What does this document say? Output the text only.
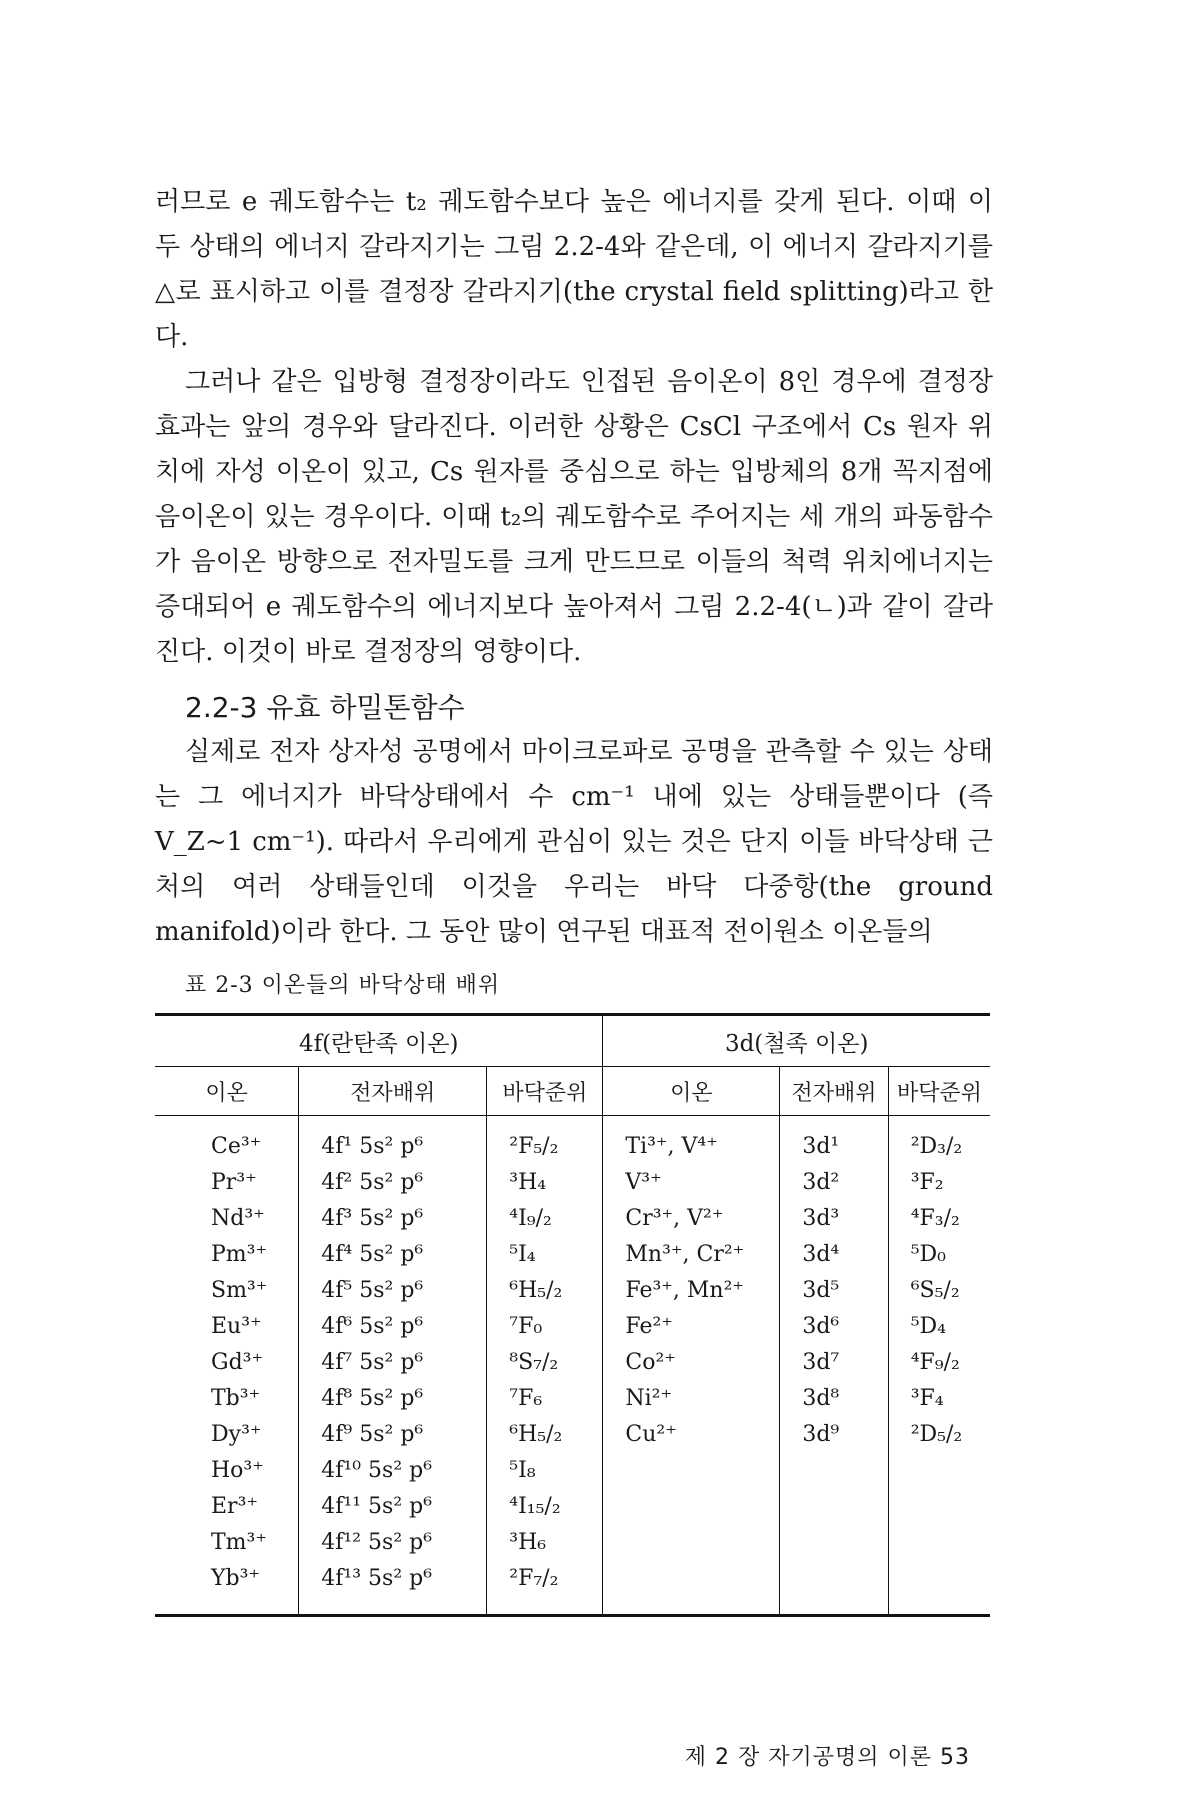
러므로 e 궤도함수는 t₂ 궤도함수보다 높은 에너지를 갖게 된다. 이때 이 두 상태의 에너지 갈라지기는 그림 2.2-4와 같은데, 이 에너지 갈라지기를 △로 표시하고 이를 결정장 갈라지기(the crystal field splitting)라고 한다.

그러나 같은 입방형 결정장이라도 인접된 음이온이 8인 경우에 결정장 효과는 앞의 경우와 달라진다. 이러한 상황은 CsCl 구조에서 Cs 원자 위치에 자성 이온이 있고, Cs 원자를 중심으로 하는 입방체의 8개 꼭지점에 음이온이 있는 경우이다. 이때 t₂의 궤도함수로 주어지는 세 개의 파동함수가 음이온 방향으로 전자밀도를 크게 만드므로 이들의 척력 위치에너지는 증대되어 e 궤도함수의 에너지보다 높아져서 그림 2.2-4(ㄴ)과 같이 갈라진다. 이것이 바로 결정장의 영향이다.

2.2-3 유효 하밀톤함수

실제로 전자 상자성 공명에서 마이크로파로 공명을 관측할 수 있는 상태는 그 에너지가 바닥상태에서 수 cm⁻¹ 내에 있는 상태들뿐이다 (즉 V_Z~1 cm⁻¹). 따라서 우리에게 관심이 있는 것은 단지 이들 바닥상태 근처의 여러 상태들인데 이것을 우리는 바닥 다중항(the ground manifold)이라 한다. 그 동안 많이 연구된 대표적 전이원소 이온들의

표 2-3 이온들의 바닥상태 배위
4f(란탄족 이온)			3d(철족 이온)		
이온	전자배위	바닥준위	이온	전자배위	바닥준위
Ce³⁺	4f¹ 5s² p⁶	²F₅/₂	Ti³⁺, V⁴⁺	3d¹	²D₃/₂
Pr³⁺	4f² 5s² p⁶	³H₄	V³⁺	3d²	³F₂
Nd³⁺	4f³ 5s² p⁶	⁴I₉/₂	Cr³⁺, V²⁺	3d³	⁴F₃/₂
Pm³⁺	4f⁴ 5s² p⁶	⁵I₄	Mn³⁺, Cr²⁺	3d⁴	⁵D₀
Sm³⁺	4f⁵ 5s² p⁶	⁶H₅/₂	Fe³⁺, Mn²⁺	3d⁵	⁶S₅/₂
Eu³⁺	4f⁶ 5s² p⁶	⁷F₀	Fe²⁺	3d⁶	⁵D₄
Gd³⁺	4f⁷ 5s² p⁶	⁸S₇/₂	Co²⁺	3d⁷	⁴F₉/₂
Tb³⁺	4f⁸ 5s² p⁶	⁷F₆	Ni²⁺	3d⁸	³F₄
Dy³⁺	4f⁹ 5s² p⁶	⁶H₅/₂	Cu²⁺	3d⁹	²D₅/₂
Ho³⁺	4f¹⁰ 5s² p⁶	⁵I₈			
Er³⁺	4f¹¹ 5s² p⁶	⁴I₁₅/₂			
Tm³⁺	4f¹² 5s² p⁶	³H₆			
Yb³⁺	4f¹³ 5s² p⁶	²F₇/₂			
제 2 장 자기공명의 이론 53
